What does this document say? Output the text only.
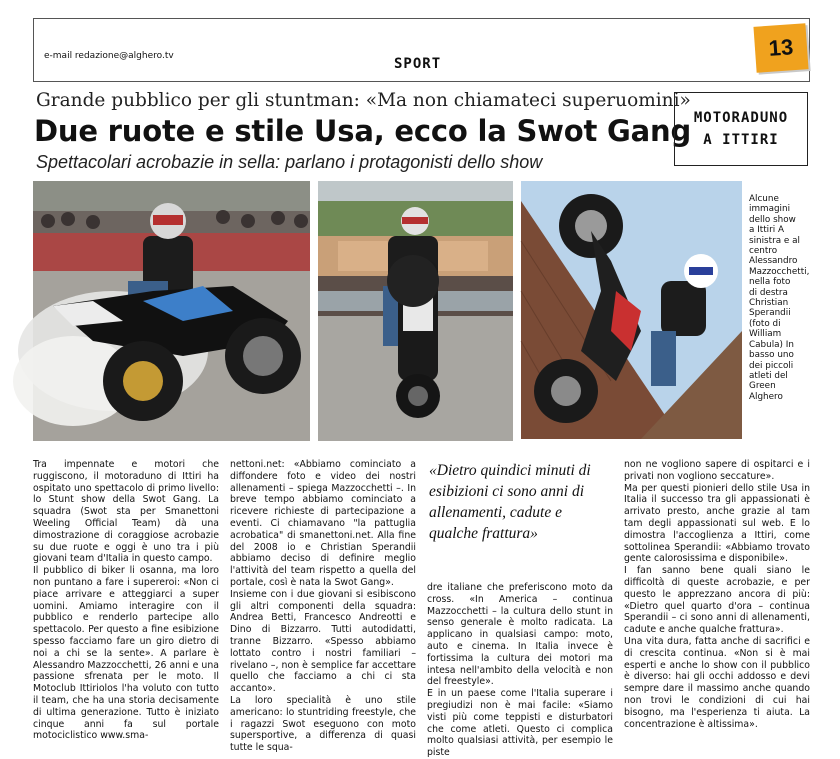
e-mail redazione@alghero.tv	SPORT
13
Grande pubblico per gli stuntman: «Ma non chiamateci superuomini»
Due ruote e stile Usa, ecco la Swot Gang
Spettacolari acrobazie in sella: parlano i protagonisti dello show
MOTORADUNO
A ITTIRI
Alcune immagini dello show a Ittiri A sinistra e al centro Alessandro Mazzocchetti, nella foto di destra Christian Sperandii (foto di William Cabula) In basso uno dei piccoli atleti del Green Alghero

Tra impennate e motori che ruggiscono, il motoraduno di Ittiri ha ospitato uno spettacolo di primo livello: lo Stunt show della Swot Gang. La squadra (Swot sta per Smanettoni Weeling Official Team) dà una dimostrazione di coraggiose acrobazie su due ruote e oggi è uno tra i più giovani team d'Italia in questo campo.

Il pubblico di biker li osanna, ma loro non puntano a fare i supereroi: «Non ci piace arrivare e atteggiarci a super uomini. Amiamo interagire con il pubblico e renderlo partecipe allo spettacolo. Per questo a fine esibizione spesso facciamo fare un giro dietro di noi a chi se la sente». A parlare è Alessandro Mazzocchetti, 26 anni e una passione sfrenata per le moto. Il Motoclub Ittiriolos l'ha voluto con tutto il team, che ha una storia decisamente di ultima generazione. Tutto è iniziato cinque anni fa sul portale motociclistico www.sma-

nettoni.net: «Abbiamo cominciato a diffondere foto e video dei nostri allenamenti – spiega Mazzocchetti –. In breve tempo abbiamo cominciato a ricevere richieste di partecipazione a eventi. Ci chiamavano "la pattuglia acrobatica" di smanettoni.net. Alla fine del 2008 io e Christian Sperandii abbiamo deciso di definire meglio l'attività del team rispetto a quella del portale, così è nata la Swot Gang».

Insieme con i due giovani si esibiscono gli altri componenti della squadra: Andrea Betti, Francesco Andreotti e Dino di Bizzarro. Tutti autodidatti, tranne Bizzarro. «Spesso abbiamo lottato contro i nostri familiari – rivelano –, non è semplice far accettare quello che facciamo a chi ci sta accanto».

La loro specialità è uno stile americano: lo stuntriding freestyle, che i ragazzi Swot eseguono con moto supersportive, a differenza di quasi tutte le squa-

dre italiane che preferiscono moto da cross. «In America – continua Mazzocchetti – la cultura dello stunt in senso generale è molto radicata. La applicano in qualsiasi campo: moto, auto e cinema. In Italia invece è fortissima la cultura dei motori ma intesa nell'ambito della velocità e non del freestyle».

E in un paese come l'Italia superare i pregiudizi non è mai facile: «Siamo visti più come teppisti e disturbatori che come atleti. Questo ci complica molto qualsiasi attività, per esempio le piste

«Dietro quindici minuti di esibizioni ci sono anni di allenamenti, cadute e qualche frattura»

non ne vogliono sapere di ospitarci e i privati non vogliono seccature».

Ma per questi pionieri dello stile Usa in Italia il successo tra gli appassionati è arrivato presto, anche grazie al tam tam degli appassionati sul web. E lo dimostra l'accoglienza a Ittiri, come sottolinea Sperandii: «Abbiamo trovato gente calorosissima e disponibile».

I fan sanno bene quali siano le difficoltà di queste acrobazie, e per questo le apprezzano ancora di più: «Dietro quel quarto d'ora – continua Sperandii – ci sono anni di allenamenti, cadute e anche qualche frattura».

Una vita dura, fatta anche di sacrifici e di crescita continua. «Non si è mai esperti e anche lo show con il pubblico è diverso: hai gli occhi addosso e devi sempre dare il massimo anche quando non trovi le condizioni di cui hai bisogno, ma l'esperienza ti aiuta. La concentrazione è altissima».
